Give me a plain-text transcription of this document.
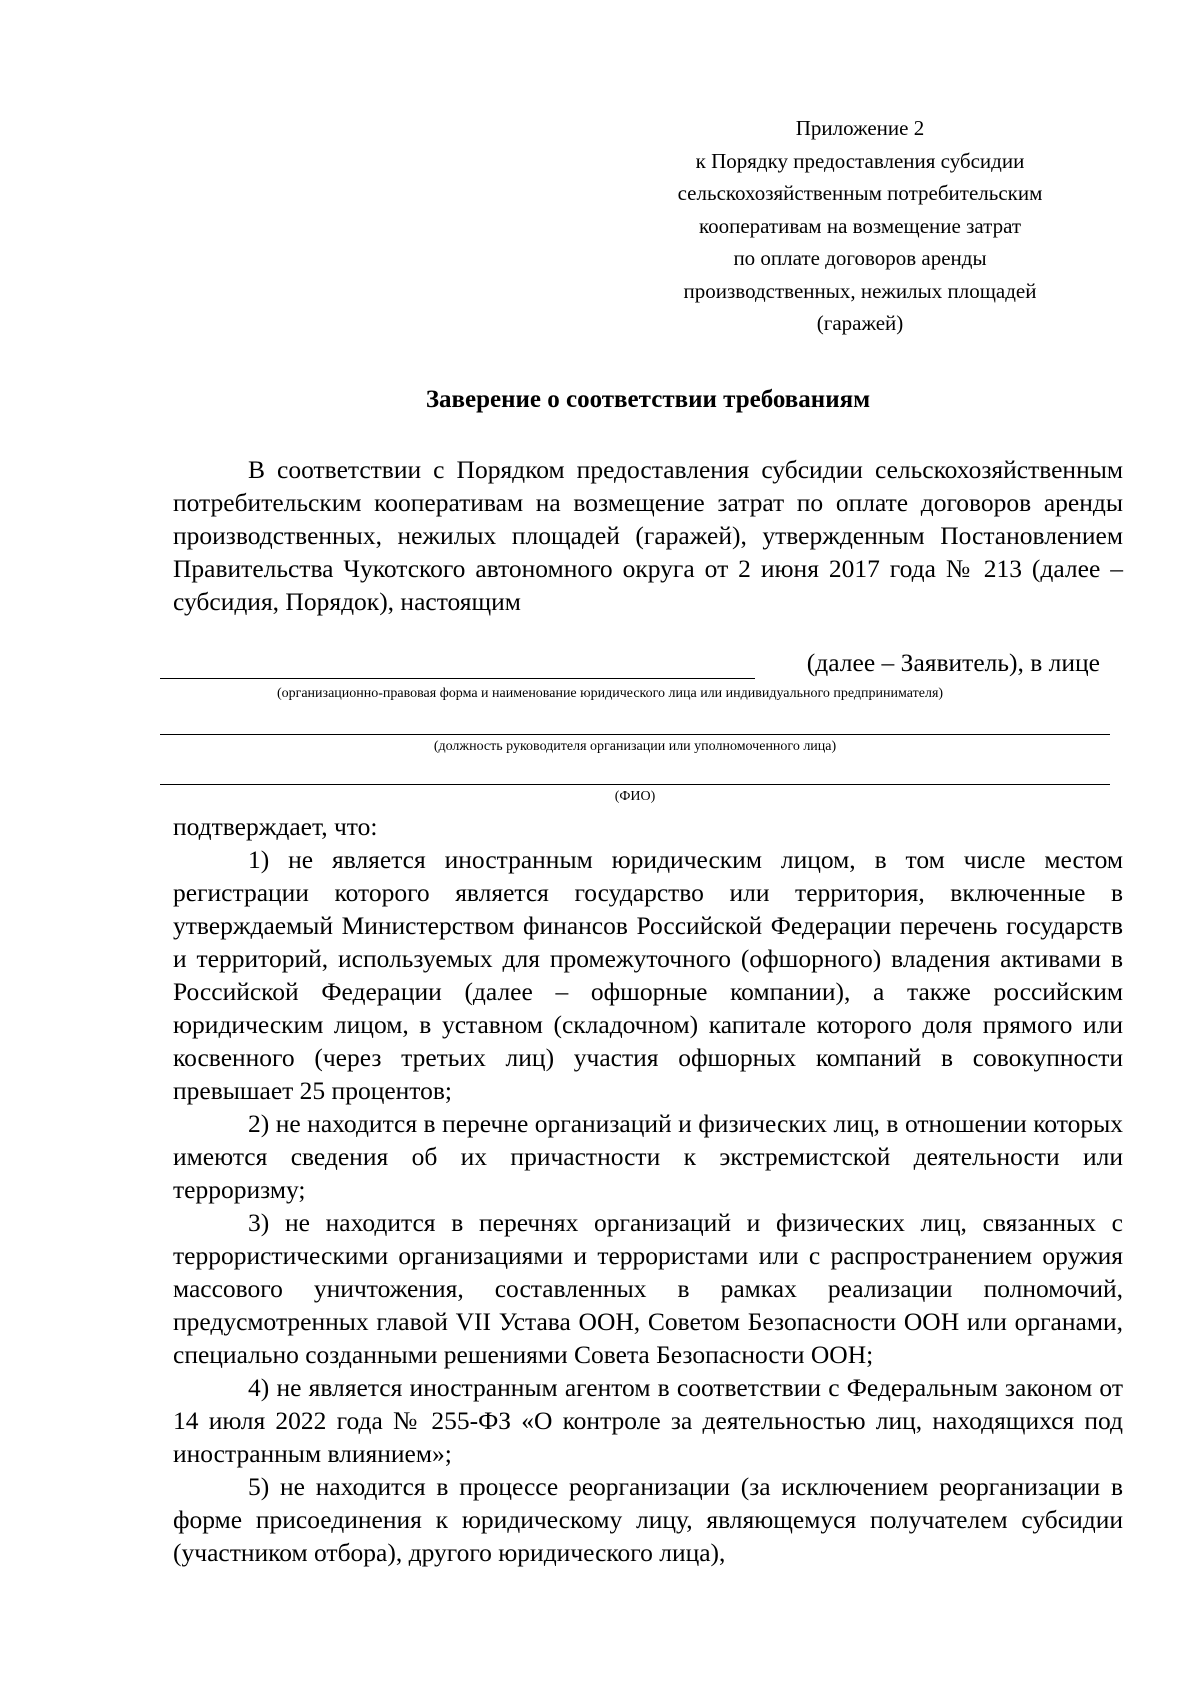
Приложение 2
к Порядку предоставления субсидии
сельскохозяйственным потребительским
кооперативам на возмещение затрат
по оплате договоров аренды
производственных, нежилых площадей
(гаражей)
Заверение о соответствии требованиям

В соответствии с Порядком предоставления субсидии сельскохозяйственным потребительским кооперативам на возмещение затрат по оплате договоров аренды производственных, нежилых площадей (гаражей), утвержденным Постановлением Правительства Чукотского автономного округа от 2 июня 2017 года № 213 (далее – субсидия, Порядок), настоящим

(далее – Заявитель), в лице
(организационно-правовая форма и наименование юридического лица или индивидуального предпринимателя)
(должность руководителя организации или уполномоченного лица)
(ФИО)

подтверждает, что:

1) не является иностранным юридическим лицом, в том числе местом регистрации которого является государство или территория, включенные в утверждаемый Министерством финансов Российской Федерации перечень государств и территорий, используемых для промежуточного (офшорного) владения активами в Российской Федерации (далее – офшорные компании), а также российским юридическим лицом, в уставном (складочном) капитале которого доля прямого или косвенного (через третьих лиц) участия офшорных компаний в совокупности превышает 25 процентов;

2) не находится в перечне организаций и физических лиц, в отношении которых имеются сведения об их причастности к экстремистской деятельности или терроризму;

3) не находится в перечнях организаций и физических лиц, связанных с террористическими организациями и террористами или с распространением оружия массового уничтожения, составленных в рамках реализации полномочий, предусмотренных главой VII Устава ООН, Советом Безопасности ООН или органами, специально созданными решениями Совета Безопасности ООН;

4) не является иностранным агентом в соответствии с Федеральным законом от 14 июля 2022 года № 255-ФЗ «О контроле за деятельностью лиц, находящихся под иностранным влиянием»;

5) не находится в процессе реорганизации (за исключением реорганизации в форме присоединения к юридическому лицу, являющемуся получателем субсидии (участником отбора), другого юридического лица),
